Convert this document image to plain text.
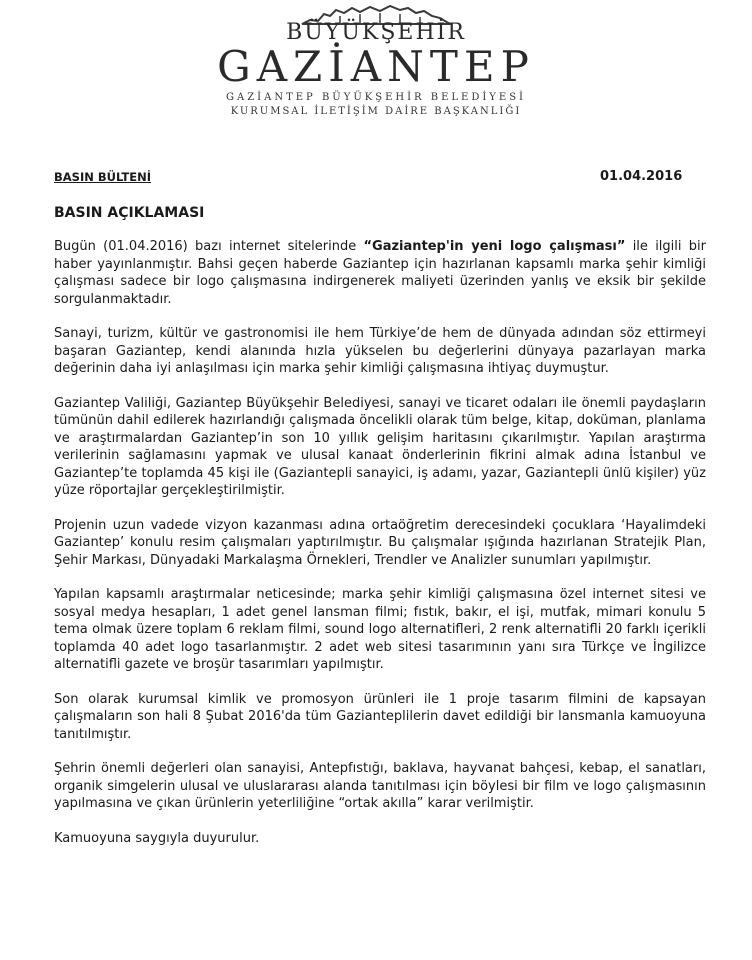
BÜYÜKŞEHİR
GAZİANTEP
GAZİANTEP BÜYÜKŞEHİR BELEDİYESİ
KURUMSAL İLETİŞİM DAİRE BAŞKANLIĞI
BASIN BÜLTENİ	01.04.2016
BASIN AÇIKLAMASI

Bugün (01.04.2016) bazı internet sitelerinde “Gaziantep'in yeni logo çalışması” ile ilgili bir haber yayınlanmıştır. Bahsi geçen haberde Gaziantep için hazırlanan kapsamlı marka şehir kimliği çalışması sadece bir logo çalışmasına indirgenerek maliyeti üzerinden yanlış ve eksik bir şekilde sorgulanmaktadır.

Sanayi, turizm, kültür ve gastronomisi ile hem Türkiye’de hem de dünyada adından söz ettirmeyi başaran Gaziantep, kendi alanında hızla yükselen bu değerlerini dünyaya pazarlayan marka değerinin daha iyi anlaşılması için marka şehir kimliği çalışmasına ihtiyaç duymuştur.

Gaziantep Valiliği, Gaziantep Büyükşehir Belediyesi, sanayi ve ticaret odaları ile önemli paydaşların tümünün dahil edilerek hazırlandığı çalışmada öncelikli olarak tüm belge, kitap, doküman, planlama ve araştırmalardan Gaziantep’in son 10 yıllık gelişim haritasını çıkarılmıştır. Yapılan araştırma verilerinin sağlamasını yapmak ve ulusal kanaat önderlerinin fikrini almak adına İstanbul ve Gaziantep’te toplamda 45 kişi ile (Gaziantepli sanayici, iş adamı, yazar, Gaziantepli ünlü kişiler) yüz yüze röportajlar gerçekleştirilmiştir.

Projenin uzun vadede vizyon kazanması adına ortaöğretim derecesindeki çocuklara ‘Hayalimdeki Gaziantep’ konulu resim çalışmaları yaptırılmıştır. Bu çalışmalar ışığında hazırlanan Stratejik Plan, Şehir Markası, Dünyadaki Markalaşma Örnekleri, Trendler ve Analizler sunumları yapılmıştır.

Yapılan kapsamlı araştırmalar neticesinde; marka şehir kimliği çalışmasına özel internet sitesi ve sosyal medya hesapları, 1 adet genel lansman filmi; fıstık, bakır, el işi, mutfak, mimari konulu 5 tema olmak üzere toplam 6 reklam filmi, sound logo alternatifleri, 2 renk alternatifli 20 farklı içerikli toplamda 40 adet logo tasarlanmıştır. 2 adet web sitesi tasarımının yanı sıra Türkçe ve İngilizce alternatifli gazete ve broşür tasarımları yapılmıştır.

Son olarak kurumsal kimlik ve promosyon ürünleri ile 1 proje tasarım filmini de kapsayan çalışmaların son hali 8 Şubat 2016'da tüm Gazianteplilerin davet edildiği bir lansmanla kamuoyuna tanıtılmıştır.

Şehrin önemli değerleri olan sanayisi, Antepfıstığı, baklava, hayvanat bahçesi, kebap, el sanatları, organik simgelerin ulusal ve uluslararası alanda tanıtılması için böylesi bir film ve logo çalışmasının yapılmasına ve çıkan ürünlerin yeterliliğine “ortak akılla” karar verilmiştir.

Kamuoyuna saygıyla duyurulur.
